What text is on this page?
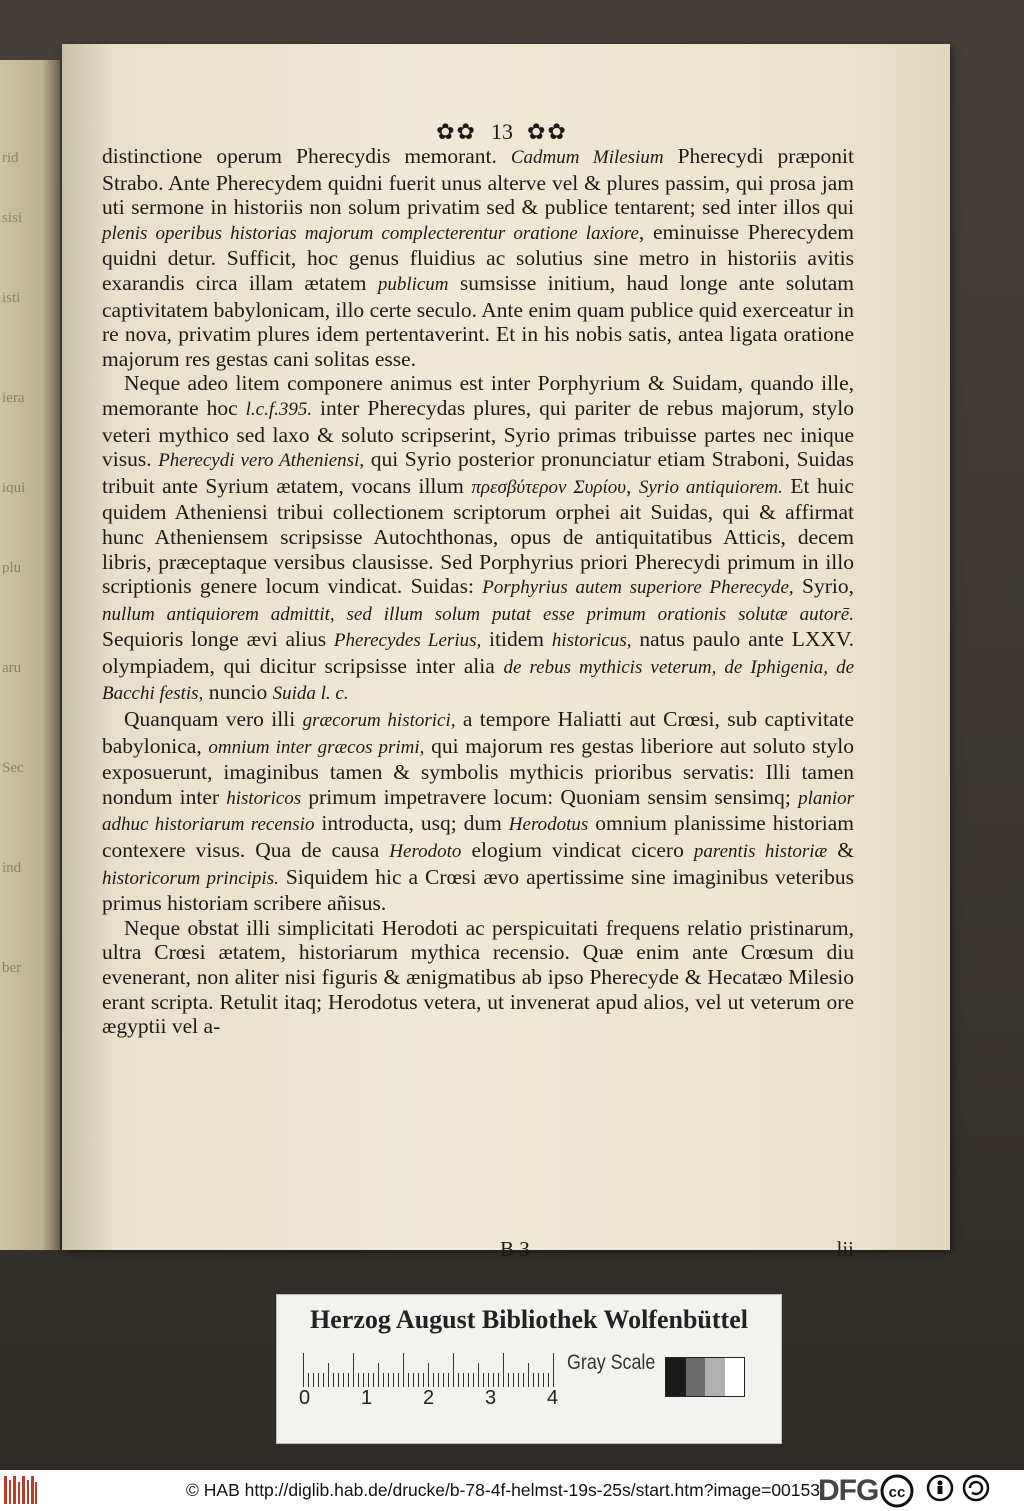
rid
sisi
isti
iera
iqui
plu
aru
Sec
ind
ber
✿✿ 13 ✿✿

distinctione operum Pherecydis memorant. Cadmum Milesium Pherecydi præponit Strabo. Ante Pherecydem quidni fuerit unus alterve vel & plures passim, qui prosa jam uti sermone in historiis non solum privatim sed & publice tentarent; sed inter illos qui plenis operibus historias majorum complecterentur oratione laxiore, eminuisse Pherecydem quidni detur. Sufficit, hoc genus fluidius ac solutius sine metro in historiis avitis exarandis circa illam ætatem publicum sumsisse initium, haud longe ante solutam captivitatem babylonicam, illo certe seculo. Ante enim quam publice quid exerceatur in re nova, privatim plures idem pertentaverint. Et in his nobis satis, antea ligata oratione majorum res gestas cani solitas esse.

Neque adeo litem componere animus est inter Porphyrium & Suidam, quando ille, memorante hoc l.c.f.395. inter Pherecydas plures, qui pariter de rebus majorum, stylo veteri mythico sed laxo & soluto scripserint, Syrio primas tribuisse partes nec inique visus. Pherecydi vero Atheniensi, qui Syrio posterior pronunciatur etiam Straboni, Suidas tribuit ante Syrium ætatem, vocans illum πρεσβύτερον Συρίου, Syrio antiquiorem. Et huic quidem Atheniensi tribui collectionem scriptorum orphei ait Suidas, qui & affirmat hunc Atheniensem scripsisse Autochthonas, opus de antiquitatibus Atticis, decem libris, præceptaque versibus clausisse. Sed Porphyrius priori Pherecydi primum in illo scriptionis genere locum vindicat. Suidas: Porphyrius autem superiore Pherecyde, Syrio, nullum antiquiorem admittit, sed illum solum putat esse primum orationis solutæ autorē. Sequioris longe ævi alius Pherecydes Lerius, itidem historicus, natus paulo ante LXXV. olympiadem, qui dicitur scripsisse inter alia de rebus mythicis veterum, de Iphigenia, de Bacchi festis, nuncio Suida l. c.

Quanquam vero illi græcorum historici, a tempore Haliatti aut Crœsi, sub captivitate babylonica, omnium inter græcos primi, qui majorum res gestas liberiore aut soluto stylo exposuerunt, imaginibus tamen & symbolis mythicis prioribus servatis: Illi tamen nondum inter historicos primum impetravere locum: Quoniam sensim sensimq; planior adhuc historiarum recensio introducta, usq; dum Herodotus omnium planissime historiam contexere visus. Qua de causa Herodoto elogium vindicat cicero parentis historiæ & historicorum principis. Siquidem hic a Crœsi ævo apertissime sine imaginibus veteribus primus historiam scribere añisus.

Neque obstat illi simplicitati Herodoti ac perspicuitati frequens relatio pristinarum, ultra Crœsi ætatem, historiarum mythica recensio. Quæ enim ante Crœsum diu evenerant, non aliter nisi figuris & ænigmatibus ab ipso Pherecyde & Hecatæo Milesio erant scripta. Retulit itaq; Herodotus vetera, ut invenerat apud alios, vel ut veterum ore ægyptii vel a-

B 3	lii
Herzog August Bibliothek Wolfenbüttel
0	1	2	3	4
Gray Scale
© HAB http://diglib.hab.de/drucke/b-78-4f-helmst-19s-25s/start.htm?image=00153
DFG cc
